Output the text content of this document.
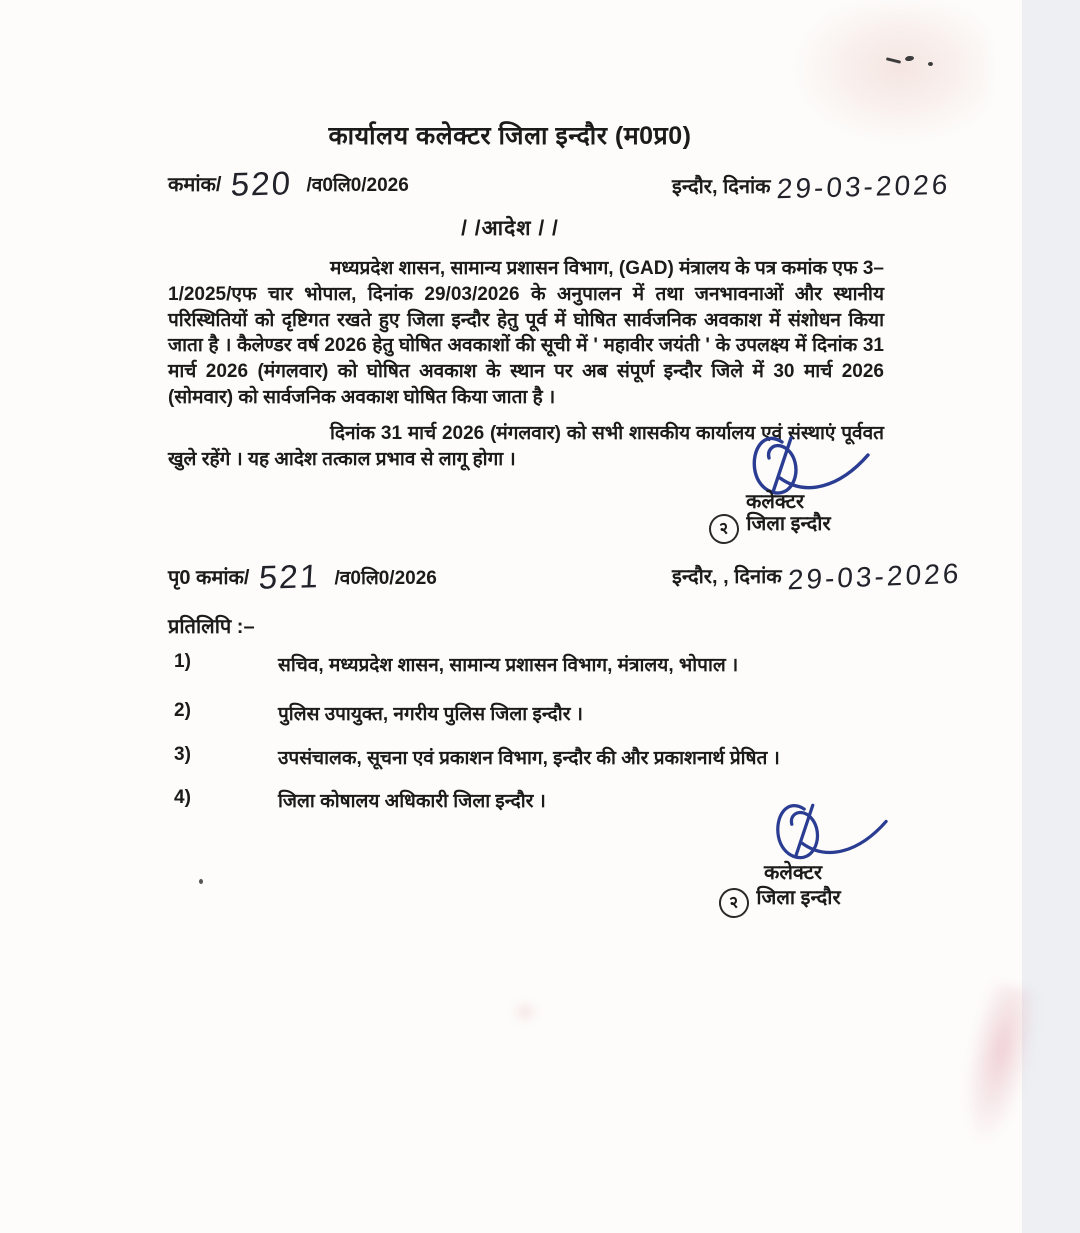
कार्यालय कलेक्टर जिला इन्दौर (म0प्र0)
कमांक/ 520 /व0लि0/2026	इन्दौर, दिनांक 29-03-2026
/ /आदेश / /
मध्यप्रदेश शासन, सामान्य प्रशासन विभाग, (GAD) मंत्रालय के पत्र कमांक एफ 3–1/2025/एफ चार भोपाल, दिनांक 29/03/2026 के अनुपालन में तथा जनभावनाओं और स्थानीय परिस्थितियों को दृष्टिगत रखते हुए जिला इन्दौर हेतु पूर्व में घोषित सार्वजनिक अवकाश में संशोधन किया जाता है । कैलेण्डर वर्ष 2026 हेतु घोषित अवकाशों की सूची में ' महावीर जयंती ' के उपलक्ष्य में दिनांक 31 मार्च 2026 (मंगलवार) को घोषित अवकाश के स्थान पर अब संपूर्ण इन्दौर जिले में 30 मार्च 2026 (सोमवार) को सार्वजनिक अवकाश घोषित किया जाता है ।
दिनांक 31 मार्च 2026 (मंगलवार) को सभी शासकीय कार्यालय एवं संस्थाएं पूर्ववत खुले रहेंगे । यह आदेश तत्काल प्रभाव से लागू होगा ।
कलेक्टर
२ जिला इन्दौर
पृ0 कमांक/ 521 /व0लि0/2026	इन्दौर, , दिनांक 29-03-2026
प्रतिलिपि :–
1)	सचिव, मध्यप्रदेश शासन, सामान्य प्रशासन विभाग, मंत्रालय, भोपाल ।
2)	पुलिस उपायुक्त, नगरीय पुलिस जिला इन्दौर ।
3)	उपसंचालक, सूचना एवं प्रकाशन विभाग, इन्दौर की और प्रकाशनार्थ प्रेषित ।
4)	जिला कोषालय अधिकारी जिला इन्दौर ।
कलेक्टर
२ जिला इन्दौर
